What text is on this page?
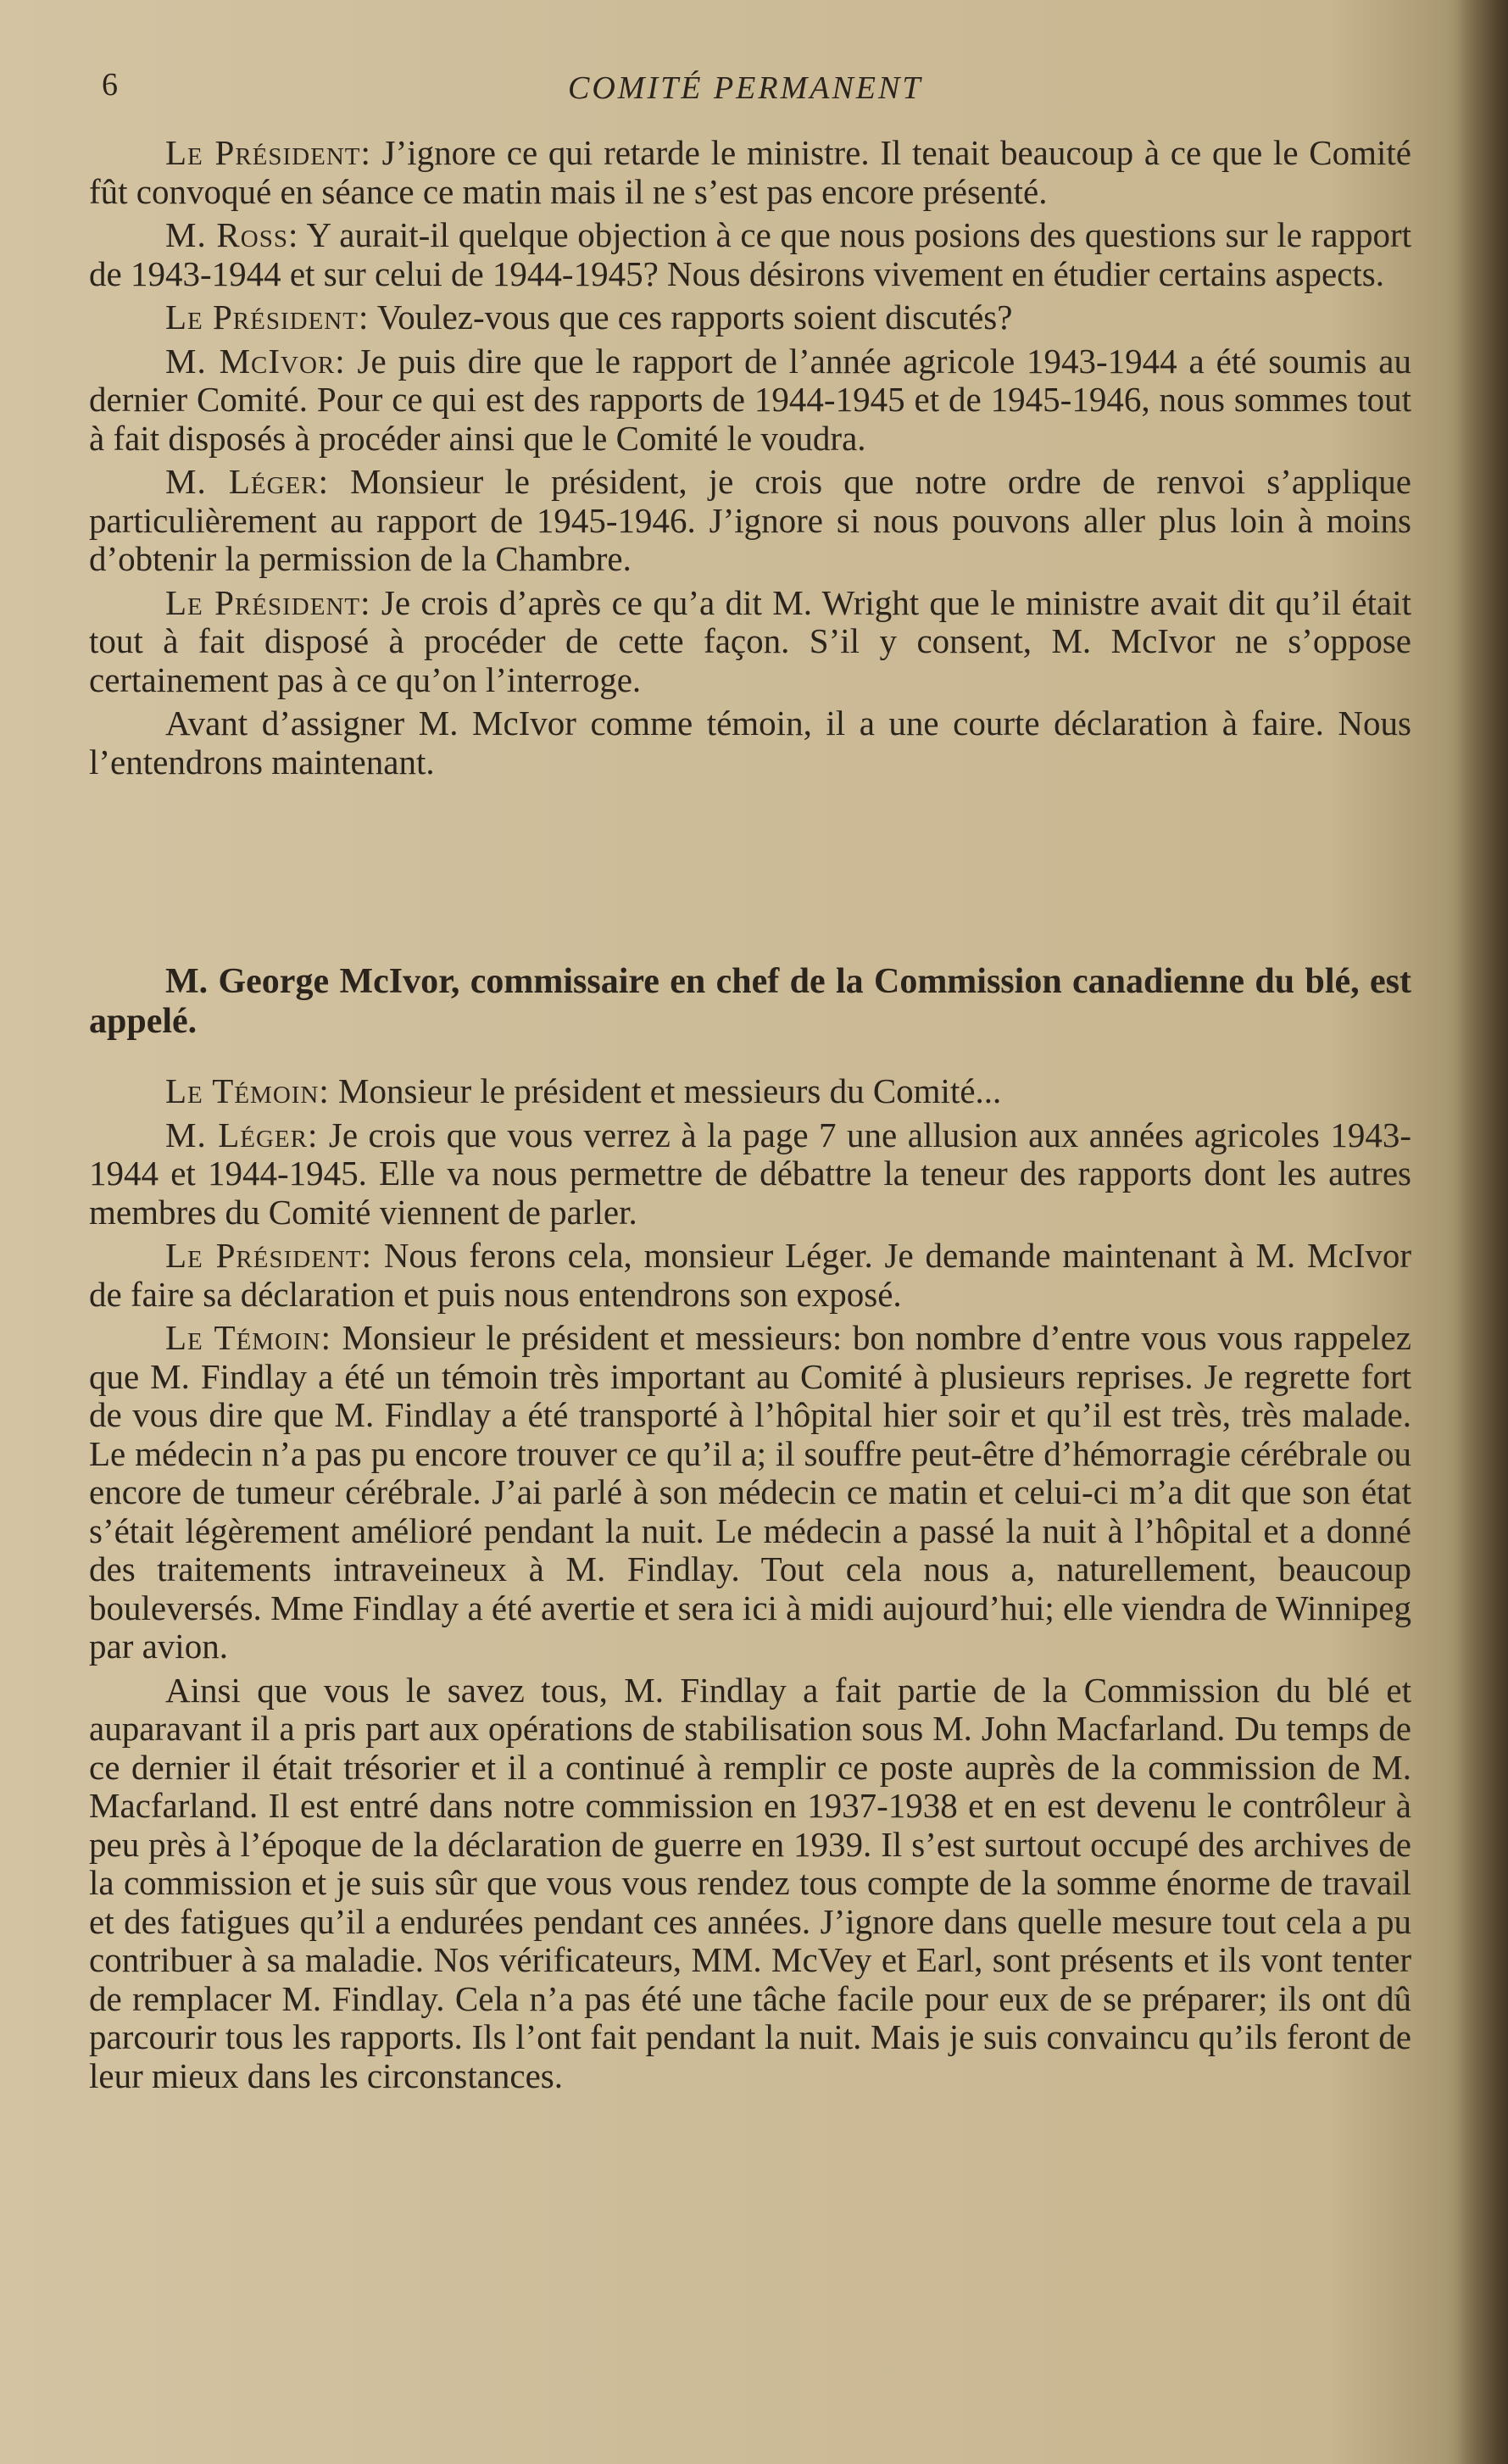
6	COMITÉ PERMANENT

Le Président: J’ignore ce qui retarde le ministre. Il tenait beaucoup à ce que le Comité fût convoqué en séance ce matin mais il ne s’est pas encore présenté.

M. Ross: Y aurait-il quelque objection à ce que nous posions des questions sur le rapport de 1943-1944 et sur celui de 1944-1945? Nous désirons vivement en étudier certains aspects.

Le Président: Voulez-vous que ces rapports soient discutés?

M. McIvor: Je puis dire que le rapport de l’année agricole 1943-1944 a été soumis au dernier Comité. Pour ce qui est des rapports de 1944-1945 et de 1945-1946, nous sommes tout à fait disposés à procéder ainsi que le Comité le voudra.

M. Léger: Monsieur le président, je crois que notre ordre de renvoi s’applique particulièrement au rapport de 1945-1946. J’ignore si nous pouvons aller plus loin à moins d’obtenir la permission de la Chambre.

Le Président: Je crois d’après ce qu’a dit M. Wright que le ministre avait dit qu’il était tout à fait disposé à procéder de cette façon. S’il y consent, M. McIvor ne s’oppose certainement pas à ce qu’on l’interroge.

Avant d’assigner M. McIvor comme témoin, il a une courte déclaration à faire. Nous l’entendrons maintenant.

M. George McIvor, commissaire en chef de la Commission canadienne du blé, est appelé.

Le Témoin: Monsieur le président et messieurs du Comité...

M. Léger: Je crois que vous verrez à la page 7 une allusion aux années agricoles 1943-1944 et 1944-1945. Elle va nous permettre de débattre la teneur des rapports dont les autres membres du Comité viennent de parler.

Le Président: Nous ferons cela, monsieur Léger. Je demande maintenant à M. McIvor de faire sa déclaration et puis nous entendrons son exposé.

Le Témoin: Monsieur le président et messieurs: bon nombre d’entre vous vous rappelez que M. Findlay a été un témoin très important au Comité à plusieurs reprises. Je regrette fort de vous dire que M. Findlay a été transporté à l’hôpital hier soir et qu’il est très, très malade. Le médecin n’a pas pu encore trouver ce qu’il a; il souffre peut-être d’hémorragie cérébrale ou encore de tumeur cérébrale. J’ai parlé à son médecin ce matin et celui-ci m’a dit que son état s’était légèrement amélioré pendant la nuit. Le médecin a passé la nuit à l’hôpital et a donné des traitements intraveineux à M. Findlay. Tout cela nous a, naturellement, beaucoup bouleversés. Mme Findlay a été avertie et sera ici à midi aujourd’hui; elle viendra de Winnipeg par avion.

Ainsi que vous le savez tous, M. Findlay a fait partie de la Commission du blé et auparavant il a pris part aux opérations de stabilisation sous M. John Macfarland. Du temps de ce dernier il était trésorier et il a continué à remplir ce poste auprès de la commission de M. Macfarland. Il est entré dans notre commission en 1937-1938 et en est devenu le contrôleur à peu près à l’époque de la déclaration de guerre en 1939. Il s’est surtout occupé des archives de la commission et je suis sûr que vous vous rendez tous compte de la somme énorme de travail et des fatigues qu’il a endurées pendant ces années. J’ignore dans quelle mesure tout cela a pu contribuer à sa maladie. Nos vérificateurs, MM. McVey et Earl, sont présents et ils vont tenter de remplacer M. Findlay. Cela n’a pas été une tâche facile pour eux de se préparer; ils ont dû parcourir tous les rapports. Ils l’ont fait pendant la nuit. Mais je suis convaincu qu’ils feront de leur mieux dans les circonstances.
